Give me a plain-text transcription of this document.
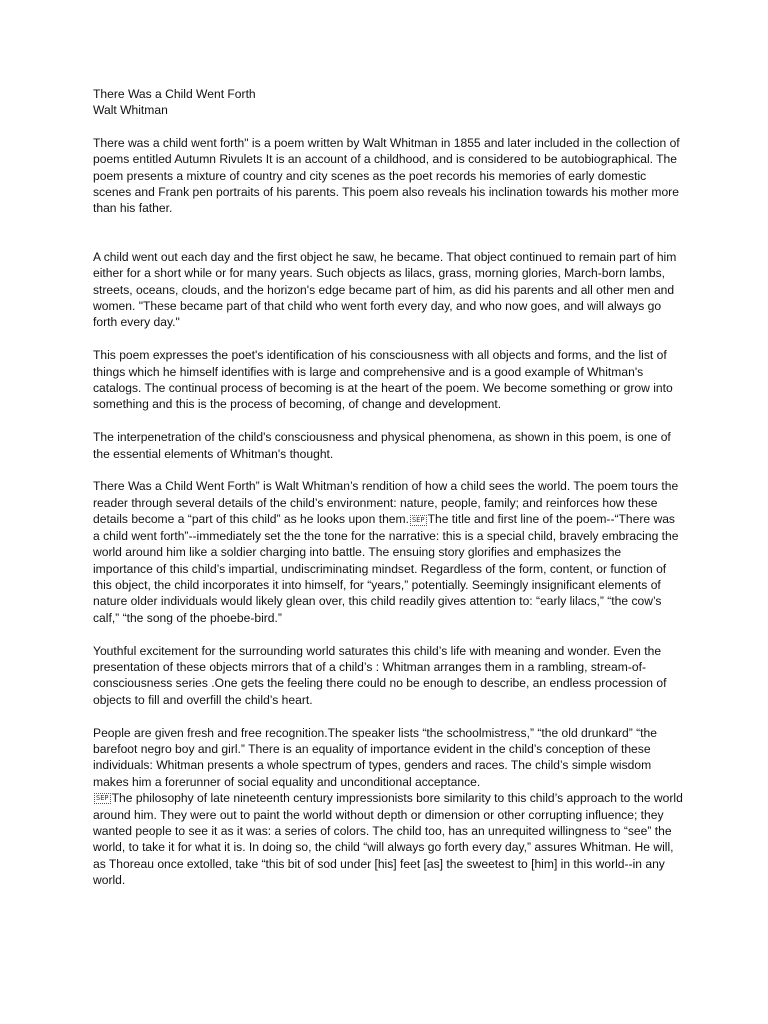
There Was a Child Went Forth

Walt Whitman

There was a child went forth" is a poem written by Walt Whitman in 1855 and later included in the collection of poems entitled Autumn Rivulets It is an account of a childhood, and is considered to be autobiographical. The poem presents a mixture of country and city scenes as the poet records his memories of early domestic scenes and Frank pen portraits of his parents. This poem also reveals his inclination towards his mother more than his father.

A child went out each day and the first object he saw, he became. That object continued to remain part of him either for a short while or for many years. Such objects as lilacs, grass, morning glories, March-born lambs, streets, oceans, clouds, and the horizon's edge became part of him, as did his parents and all other men and women. "These became part of that child who went forth every day, and who now goes, and will always go forth every day."

This poem expresses the poet's identification of his consciousness with all objects and forms, and the list of things which he himself identifies with is large and comprehensive and is a good example of Whitman's catalogs. The continual process of becoming is at the heart of the poem. We become something or grow into something and this is the process of becoming, of change and development.

The interpenetration of the child's consciousness and physical phenomena, as shown in this poem, is one of the essential elements of Whitman's thought.

There Was a Child Went Forth” is Walt Whitman’s rendition of how a child sees the world. The poem tours the reader through several details of the child’s environment: nature, people, family; and reinforces how these details become a “part of this child” as he looks upon them. SEP The title and first line of the poem--“There was a child went forth”--immediately set the the tone for the narrative: this is a special child, bravely embracing the world around him like a soldier charging into battle. The ensuing story glorifies and emphasizes the importance of this child’s impartial, undiscriminating mindset. Regardless of the form, content, or function of this object, the child incorporates it into himself, for “years,” potentially. Seemingly insignificant elements of nature older individuals would likely glean over, this child readily gives attention to: “early lilacs,” “the cow’s calf,” “the song of the phoebe-bird.”

Youthful excitement for the surrounding world saturates this child’s life with meaning and wonder. Even the presentation of these objects mirrors that of a child’s : Whitman arranges them in a rambling, stream-of-consciousness series .One gets the feeling there could no be enough to describe, an endless procession of objects to fill and overfill the child’s heart.

People are given fresh and free recognition.The speaker lists “the schoolmistress,” “the old drunkard” “the barefoot negro boy and girl.” There is an equality of importance evident in the child’s conception of these individuals: Whitman presents a whole spectrum of types, genders and races. The child’s simple wisdom makes him a forerunner of social equality and unconditional acceptance.
SEP The philosophy of late nineteenth century impressionists bore similarity to this child’s approach to the world around him. They were out to paint the world without depth or dimension or other corrupting influence; they wanted people to see it as it was: a series of colors. The child too, has an unrequited willingness to “see” the world, to take it for what it is. In doing so, the child “will always go forth every day,” assures Whitman. He will, as Thoreau once extolled, take “this bit of sod under [his] feet [as] the sweetest to [him] in this world--in any world.
